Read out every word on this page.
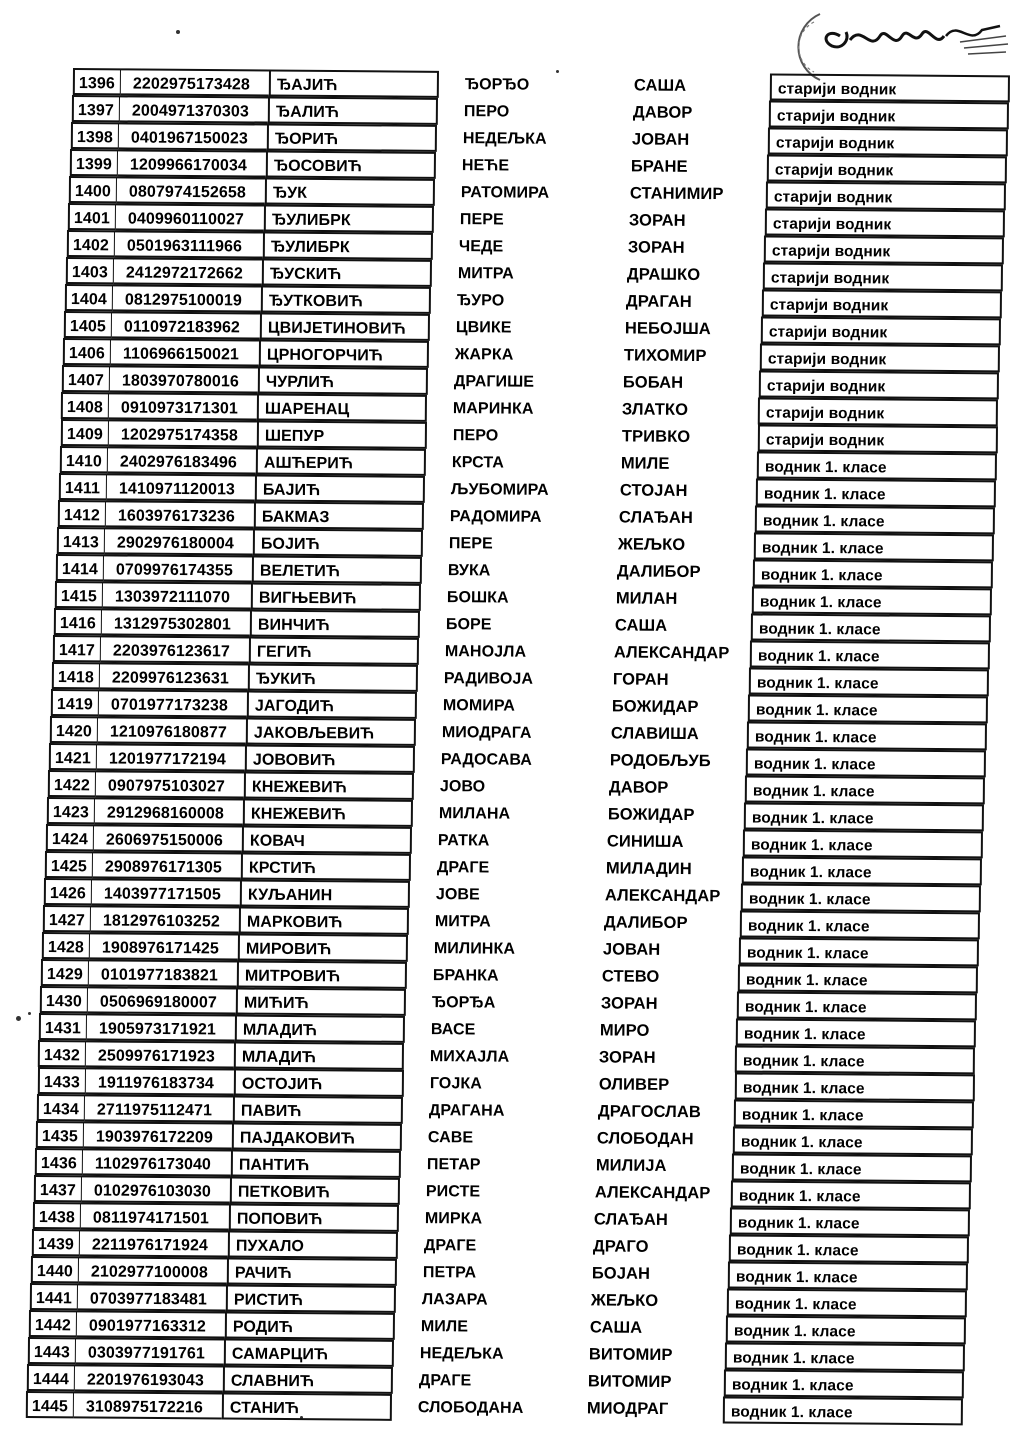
1396	2202975173428	ЂАЈИЋ	ЂОРЂО	САША	старији водник
1397	2004971370303	ЂАЛИЋ	ПЕРО	ДАВОР	старији водник
1398	0401967150023	ЂОРИЋ	НЕДЕЉКА	ЈОВАН	старији водник
1399	1209966170034	ЂОСОВИЋ	НЕЋЕ	БРАНЕ	старији водник
1400	0807974152658	ЂУК	РАТОМИРА	СТАНИМИР	старији водник
1401	0409960110027	ЂУЛИБРК	ПЕРЕ	ЗОРАН	старији водник
1402	0501963111966	ЂУЛИБРК	ЧЕДЕ	ЗОРАН	старији водник
1403	2412972172662	ЂУСКИЋ	МИТРА	ДРАШКО	старији водник
1404	0812975100019	ЂУТКОВИЋ	ЂУРО	ДРАГАН	старији водник
1405	0110972183962	ЦВИЈЕТИНОВИЋ	ЦВИКЕ	НЕБОЈША	старији водник
1406	1106966150021	ЦРНОГОРЧИЋ	ЖАРКА	ТИХОМИР	старији водник
1407	1803970780016	ЧУРЛИЋ	ДРАГИШЕ	БОБАН	старији водник
1408	0910973171301	ШАРЕНАЦ	МАРИНКА	ЗЛАТКО	старији водник
1409	1202975174358	ШЕПУР	ПЕРО	ТРИВКО	старији водник
1410	2402976183496	АШЋЕРИЋ	КРСТА	МИЛЕ	водник 1. класе
1411	1410971120013	БАЈИЋ	ЉУБОМИРА	СТОЈАН	водник 1. класе
1412	1603976173236	БАКМАЗ	РАДОМИРА	СЛАЂАН	водник 1. класе
1413	2902976180004	БОЈИЋ	ПЕРЕ	ЖЕЉКО	водник 1. класе
1414	0709976174355	ВЕЛЕТИЋ	ВУКА	ДАЛИБОР	водник 1. класе
1415	1303972111070	ВИГЊЕВИЋ	БОШКА	МИЛАН	водник 1. класе
1416	1312975302801	ВИНЧИЋ	БОРЕ	САША	водник 1. класе
1417	2203976123617	ГЕГИЋ	МАНОЈЛА	АЛЕКСАНДАР	водник 1. класе
1418	2209976123631	ЂУКИЋ	РАДИВОЈА	ГОРАН	водник 1. класе
1419	0701977173238	ЈАГОДИЋ	МОМИРА	БОЖИДАР	водник 1. класе
1420	1210976180877	ЈАКОВЉЕВИЋ	МИОДРАГА	СЛАВИША	водник 1. класе
1421	1201977172194	ЈОВОВИЋ	РАДОСАВА	РОДОБЉУБ	водник 1. класе
1422	0907975103027	КНЕЖЕВИЋ	ЈОВО	ДАВОР	водник 1. класе
1423	2912968160008	КНЕЖЕВИЋ	МИЛАНА	БОЖИДАР	водник 1. класе
1424	2606975150006	КОВАЧ	РАТКА	СИНИША	водник 1. класе
1425	2908976171305	КРСТИЋ	ДРАГЕ	МИЛАДИН	водник 1. класе
1426	1403977171505	КУЉАНИН	ЈОВЕ	АЛЕКСАНДАР	водник 1. класе
1427	1812976103252	МАРКОВИЋ	МИТРА	ДАЛИБОР	водник 1. класе
1428	1908976171425	МИРОВИЋ	МИЛИНКА	ЈОВАН	водник 1. класе
1429	0101977183821	МИТРОВИЋ	БРАНКА	СТЕВО	водник 1. класе
1430	0506969180007	МИЋИЋ	ЂОРЂА	ЗОРАН	водник 1. класе
1431	1905973171921	МЛАДИЋ	ВАСЕ	МИРО	водник 1. класе
1432	2509976171923	МЛАДИЋ	МИХАЈЛА	ЗОРАН	водник 1. класе
1433	1911976183734	ОСТОЈИЋ	ГОЈКА	ОЛИВЕР	водник 1. класе
1434	2711975112471	ПАВИЋ	ДРАГАНА	ДРАГОСЛАВ	водник 1. класе
1435	1903976172209	ПАЈДАКОВИЋ	САВЕ	СЛОБОДАН	водник 1. класе
1436	1102976173040	ПАНТИЋ	ПЕТАР	МИЛИЈА	водник 1. класе
1437	0102976103030	ПЕТКОВИЋ	РИСТЕ	АЛЕКСАНДАР	водник 1. класе
1438	0811974171501	ПОПОВИЋ	МИРКА	СЛАЂАН	водник 1. класе
1439	2211976171924	ПУХАЛО	ДРАГЕ	ДРАГО	водник 1. класе
1440	2102977100008	РАЧИЋ	ПЕТРА	БОЈАН	водник 1. класе
1441	0703977183481	РИСТИЋ	ЛАЗАРА	ЖЕЉКО	водник 1. класе
1442	0901977163312	РОДИЋ	МИЛЕ	САША	водник 1. класе
1443	0303977191761	САМАРЦИЋ	НЕДЕЉКА	ВИТОМИР	водник 1. класе
1444	2201976193043	СЛАВНИЋ	ДРАГЕ	ВИТОМИР	водник 1. класе
1445	3108975172216	СТАНИЋ	СЛОБОДАНА	МИОДРАГ	водник 1. класе
